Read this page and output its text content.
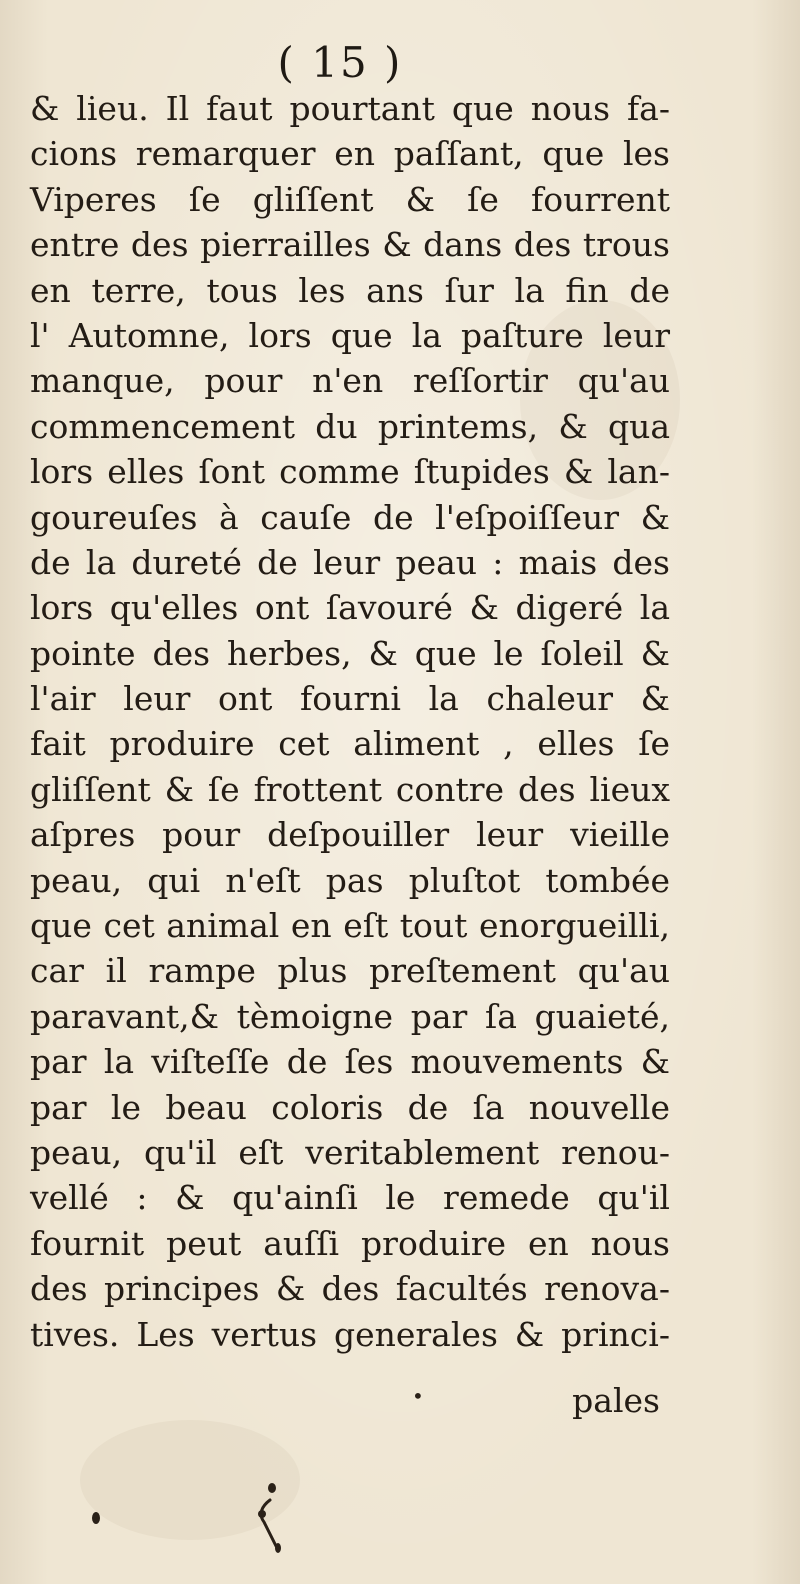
( 15 )
& lieu. Il faut pourtant que nous fa-
cions remarquer en paſſant, que les
Viperes ſe gliſſent & ſe fourrent
entre des pierrailles & dans des trous
en terre, tous les ans ſur la fin de
l' Automne, lors que la paſture leur
manque, pour n'en reſſortir qu'au
commencement du printems, & qua
lors elles ſont comme ſtupides & lan-
goureuſes à cauſe de l'eſpoiſſeur &
de la dureté de leur peau : mais des
lors qu'elles ont ſavouré & digeré la
pointe des herbes, & que le ſoleil &
l'air leur ont fourni la chaleur &
fait produire cet aliment , elles ſe
gliſſent & ſe frottent contre des lieux
aſpres pour deſpouiller leur vieille
peau, qui n'eſt pas pluſtot tombée
que cet animal en eſt tout enorgueilli,
car il rampe plus preſtement qu'au
paravant,& tèmoigne par ſa guaieté,
par la viſteſſe de ſes mouvements &
par le beau coloris de ſa nouvelle
peau, qu'il eſt veritablement renou-
vellé : & qu'ainſi le remede qu'il
fournit peut auſſi produire en nous
des principes & des facultés renova-
tives. Les vertus generales & princi-
•	pales
